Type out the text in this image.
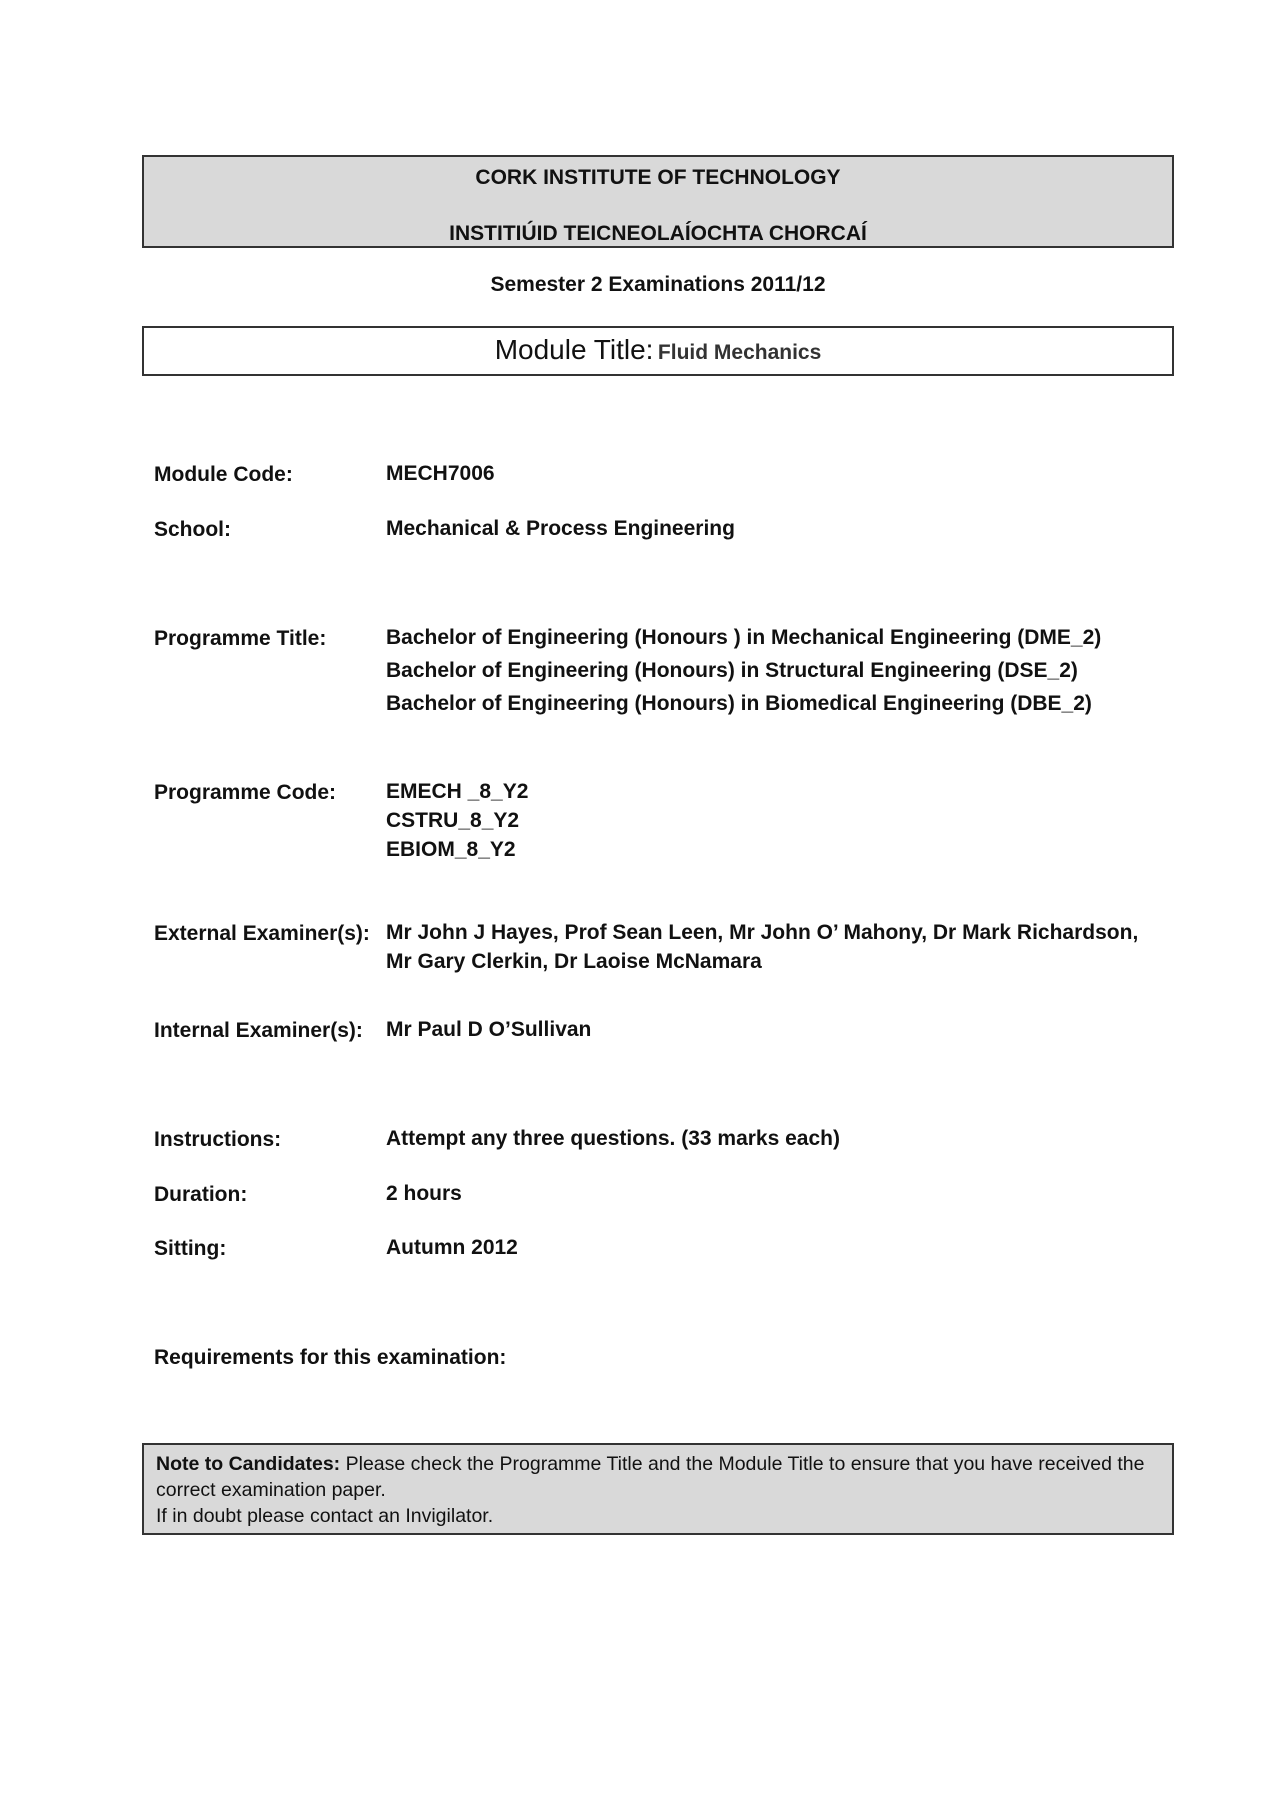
CORK INSTITUTE OF TECHNOLOGY
INSTITIÚID TEICNEOLAÍOCHTA CHORCAÍ
Semester 2 Examinations 2011/12
Module Title: Fluid Mechanics
Module Code:	MECH7006
School:	Mechanical & Process Engineering
Programme Title:	Bachelor of Engineering (Honours ) in Mechanical Engineering (DME_2)
Bachelor of Engineering (Honours) in Structural Engineering (DSE_2)
Bachelor of Engineering (Honours) in Biomedical Engineering (DBE_2)
Programme Code: EMECH _8_Y2
CSTRU_8_Y2
EBIOM_8_Y2
External Examiner(s): Mr John J Hayes, Prof Sean Leen, Mr John O’ Mahony, Dr Mark Richardson,
Mr Gary Clerkin, Dr Laoise McNamara
Internal Examiner(s): Mr Paul D O’Sullivan
Instructions:	Attempt any three questions. (33 marks each)
Duration:	2 hours
Sitting:	Autumn 2012
Requirements for this examination:
Note to Candidates: Please check the Programme Title and the Module Title to ensure that you have received the correct examination paper.
If in doubt please contact an Invigilator.
